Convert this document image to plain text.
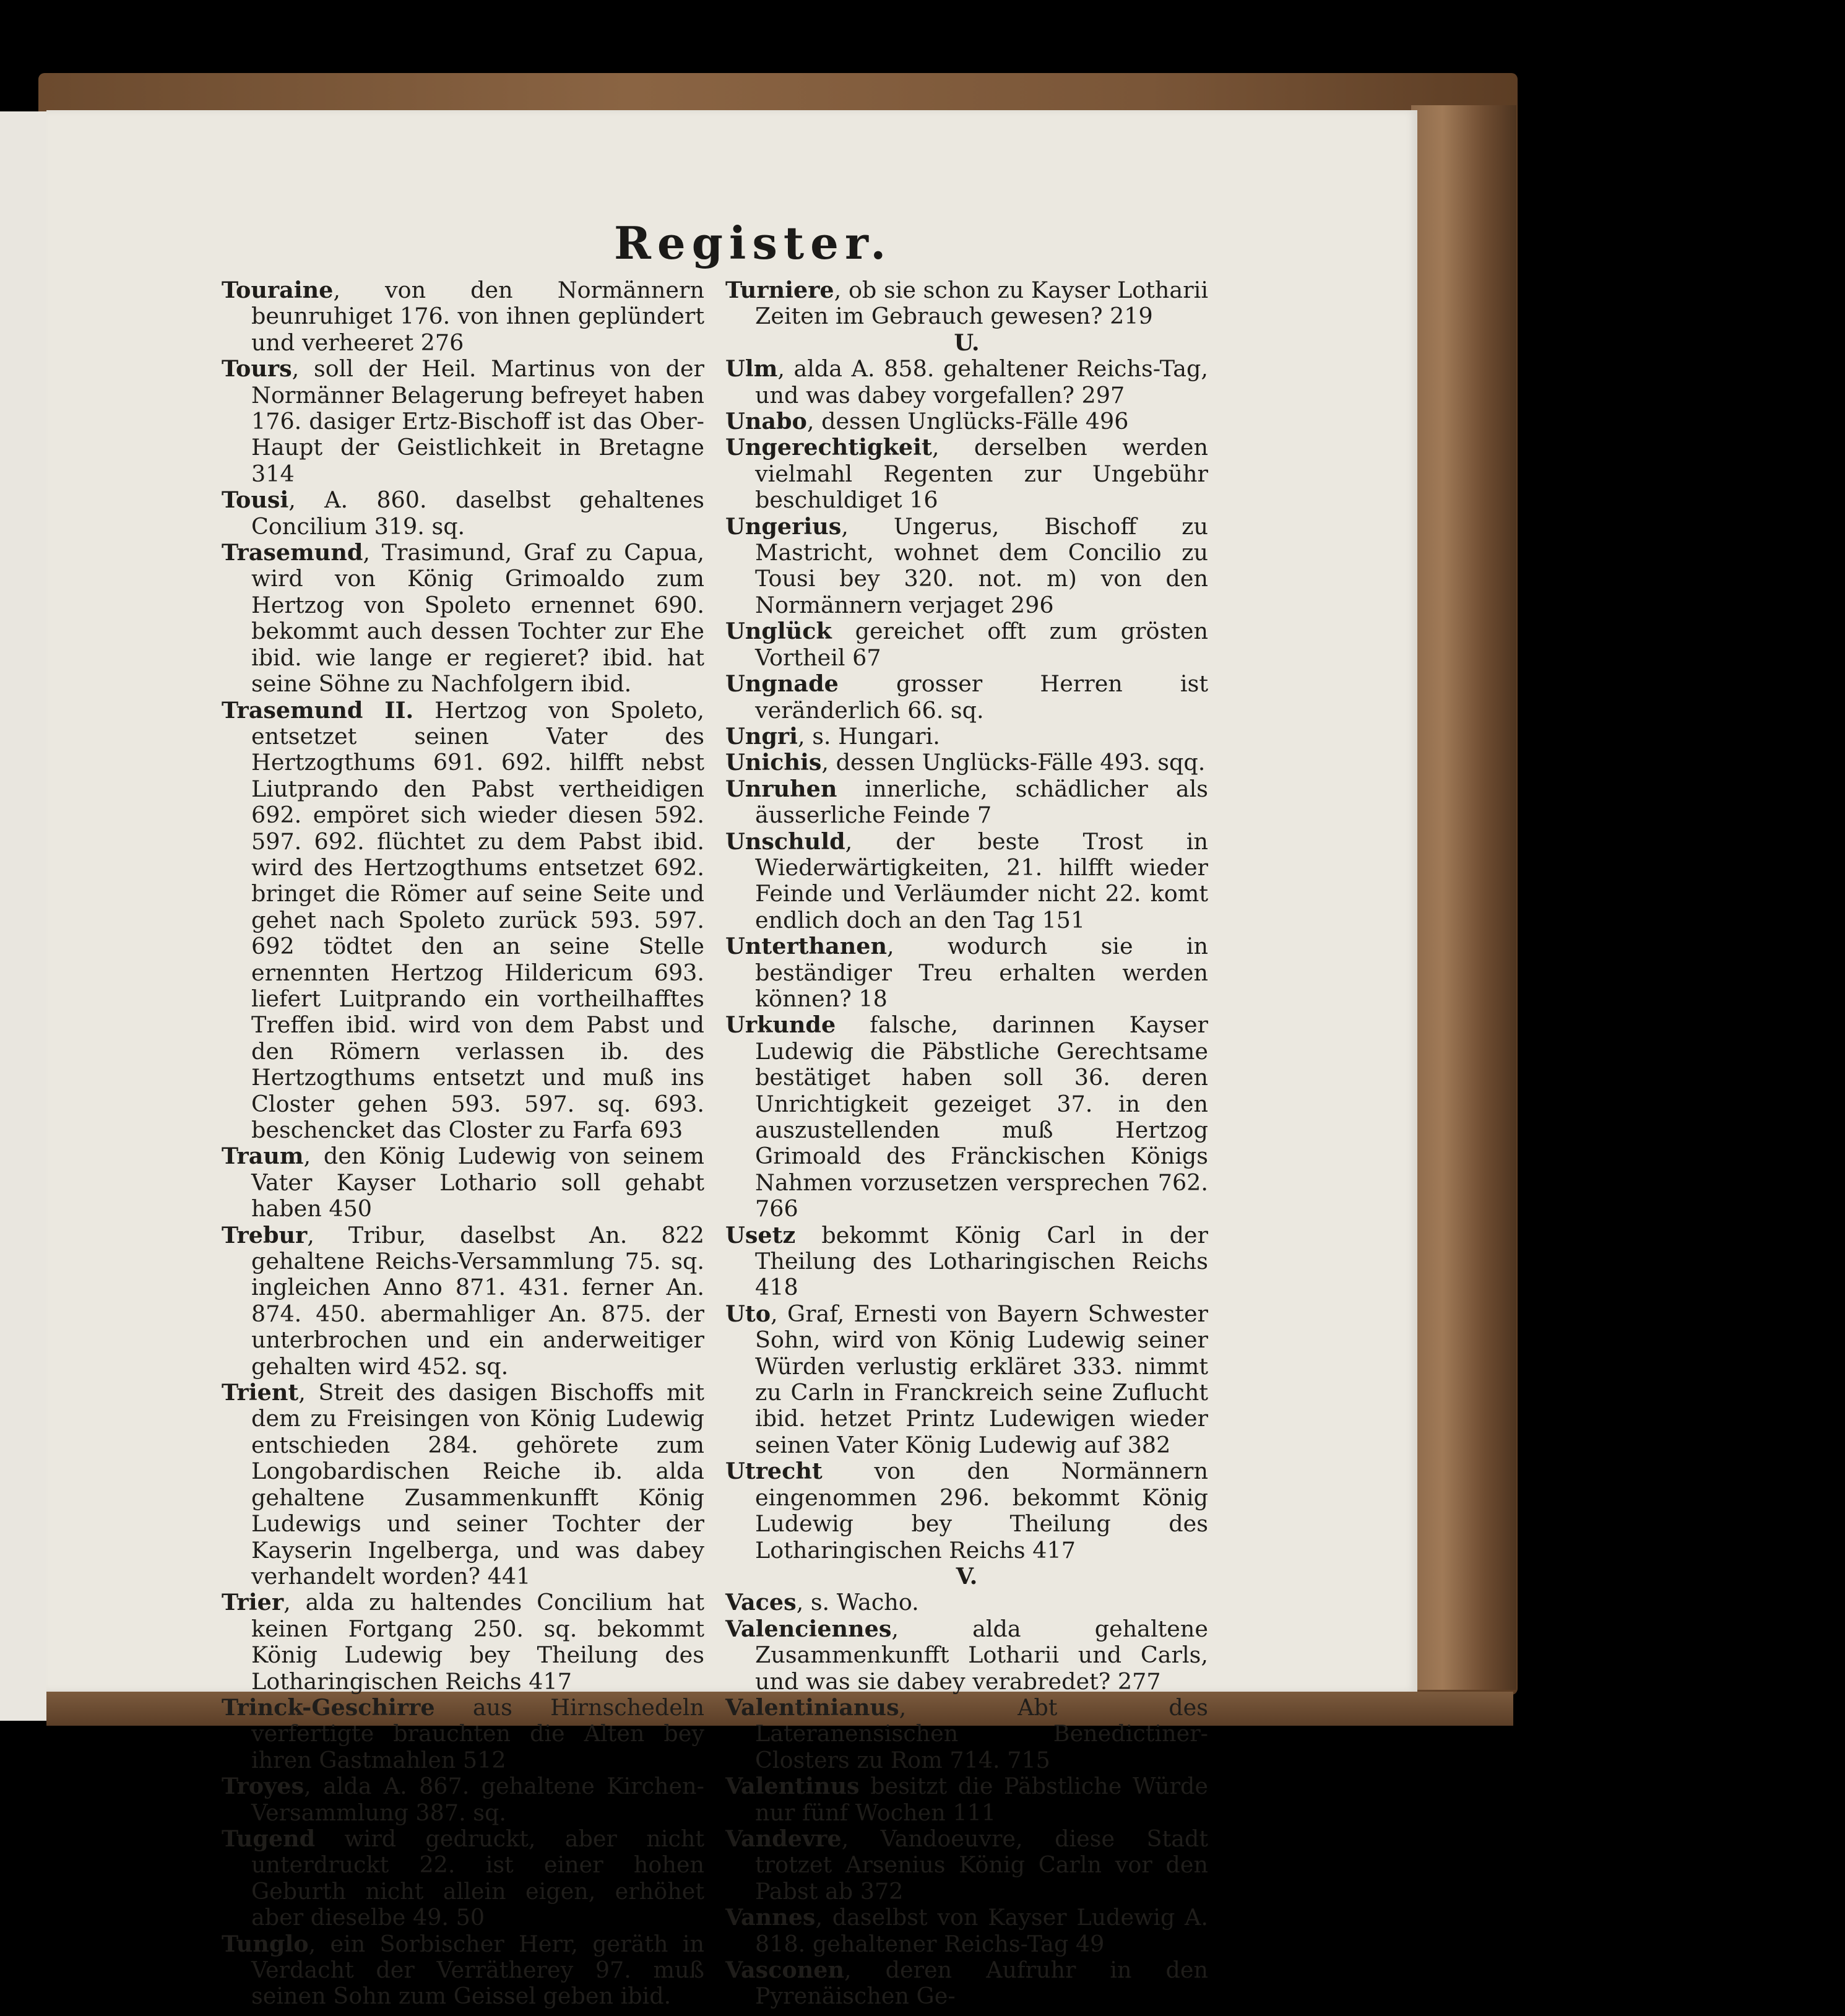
Register.

Touraine, von den Normännern beunruhiget 176. von ihnen geplündert und verheeret 276

Tours, soll der Heil. Martinus von der Normänner Belagerung befreyet haben 176. dasiger Ertz-Bischoff ist das Ober-Haupt der Geistlichkeit in Bretagne 314

Tousi, A. 860. daselbst gehaltenes Concilium 319. sq.

Trasemund, Trasimund, Graf zu Capua, wird von König Grimoaldo zum Hertzog von Spoleto ernennet 690. bekommt auch dessen Tochter zur Ehe ibid. wie lange er regieret? ibid. hat seine Söhne zu Nachfolgern ibid.

Trasemund II. Hertzog von Spoleto, entsetzet seinen Vater des Hertzogthums 691. 692. hilfft nebst Liutprando den Pabst vertheidigen 692. empöret sich wieder diesen 592. 597. 692. flüchtet zu dem Pabst ibid. wird des Hertzogthums entsetzet 692. bringet die Römer auf seine Seite und gehet nach Spoleto zurück 593. 597. 692 tödtet den an seine Stelle ernennten Hertzog Hildericum 693. liefert Luitprando ein vortheilhafftes Treffen ibid. wird von dem Pabst und den Römern verlassen ib. des Hertzogthums entsetzt und muß ins Closter gehen 593. 597. sq. 693. beschencket das Closter zu Farfa 693

Traum, den König Ludewig von seinem Vater Kayser Lothario soll gehabt haben 450

Trebur, Tribur, daselbst An. 822 gehaltene Reichs-Versammlung 75. sq. ingleichen Anno 871. 431. ferner An. 874. 450. abermahliger An. 875. der unterbrochen und ein anderweitiger gehalten wird 452. sq.

Trient, Streit des dasigen Bischoffs mit dem zu Freisingen von König Ludewig entschieden 284. gehörete zum Longobardischen Reiche ib. alda gehaltene Zusammenkunfft König Ludewigs und seiner Tochter der Kayserin Ingelberga, und was dabey verhandelt worden? 441

Trier, alda zu haltendes Concilium hat keinen Fortgang 250. sq. bekommt König Ludewig bey Theilung des Lotharingischen Reichs 417

Trinck-Geschirre aus Hirnschedeln verfertigte brauchten die Alten bey ihren Gastmahlen 512

Troyes, alda A. 867. gehaltene Kirchen-Versammlung 387. sq.

Tugend wird gedruckt, aber nicht unterdruckt 22. ist einer hohen Geburth nicht allein eigen, erhöhet aber dieselbe 49. 50

Tunglo, ein Sorbischer Herr, geräth in Verdacht der Verrätherey 97. muß seinen Sohn zum Geissel geben ibid.

Turniere, ob sie schon zu Kayser Lotharii Zeiten im Gebrauch gewesen? 219

U.

Ulm, alda A. 858. gehaltener Reichs-Tag, und was dabey vorgefallen? 297

Unabo, dessen Unglücks-Fälle 496

Ungerechtigkeit, derselben werden vielmahl Regenten zur Ungebühr beschuldiget 16

Ungerius, Ungerus, Bischoff zu Mastricht, wohnet dem Concilio zu Tousi bey 320. not. m) von den Normännern verjaget 296

Unglück gereichet offt zum grösten Vortheil 67

Ungnade grosser Herren ist veränderlich 66. sq.

Ungri, s. Hungari.

Unichis, dessen Unglücks-Fälle 493. sqq.

Unruhen innerliche, schädlicher als äusserliche Feinde 7

Unschuld, der beste Trost in Wiederwärtigkeiten, 21. hilfft wieder Feinde und Verläumder nicht 22. komt endlich doch an den Tag 151

Unterthanen, wodurch sie in beständiger Treu erhalten werden können? 18

Urkunde falsche, darinnen Kayser Ludewig die Päbstliche Gerechtsame bestätiget haben soll 36. deren Unrichtigkeit gezeiget 37. in den auszustellenden muß Hertzog Grimoald des Fränckischen Königs Nahmen vorzusetzen versprechen 762. 766

Usetz bekommt König Carl in der Theilung des Lotharingischen Reichs 418

Uto, Graf, Ernesti von Bayern Schwester Sohn, wird von König Ludewig seiner Würden verlustig erkläret 333. nimmt zu Carln in Franckreich seine Zuflucht ibid. hetzet Printz Ludewigen wieder seinen Vater König Ludewig auf 382

Utrecht von den Normännern eingenommen 296. bekommt König Ludewig bey Theilung des Lotharingischen Reichs 417

V.

Vaces, s. Wacho.

Valenciennes, alda gehaltene Zusammenkunfft Lotharii und Carls, und was sie dabey verabredet? 277

Valentinianus, Abt des Lateranensischen Benedictiner-Closters zu Rom 714. 715

Valentinus besitzt die Päbstliche Würde nur fünf Wochen 111

Vandevre, Vandoeuvre, diese Stadt trotzet Arsenius König Carln vor den Pabst ab 372

Vannes, daselbst von Kayser Ludewig A. 818. gehaltener Reichs-Tag 49

Vasconen, deren Aufruhr in den Pyrenäischen Ge-
